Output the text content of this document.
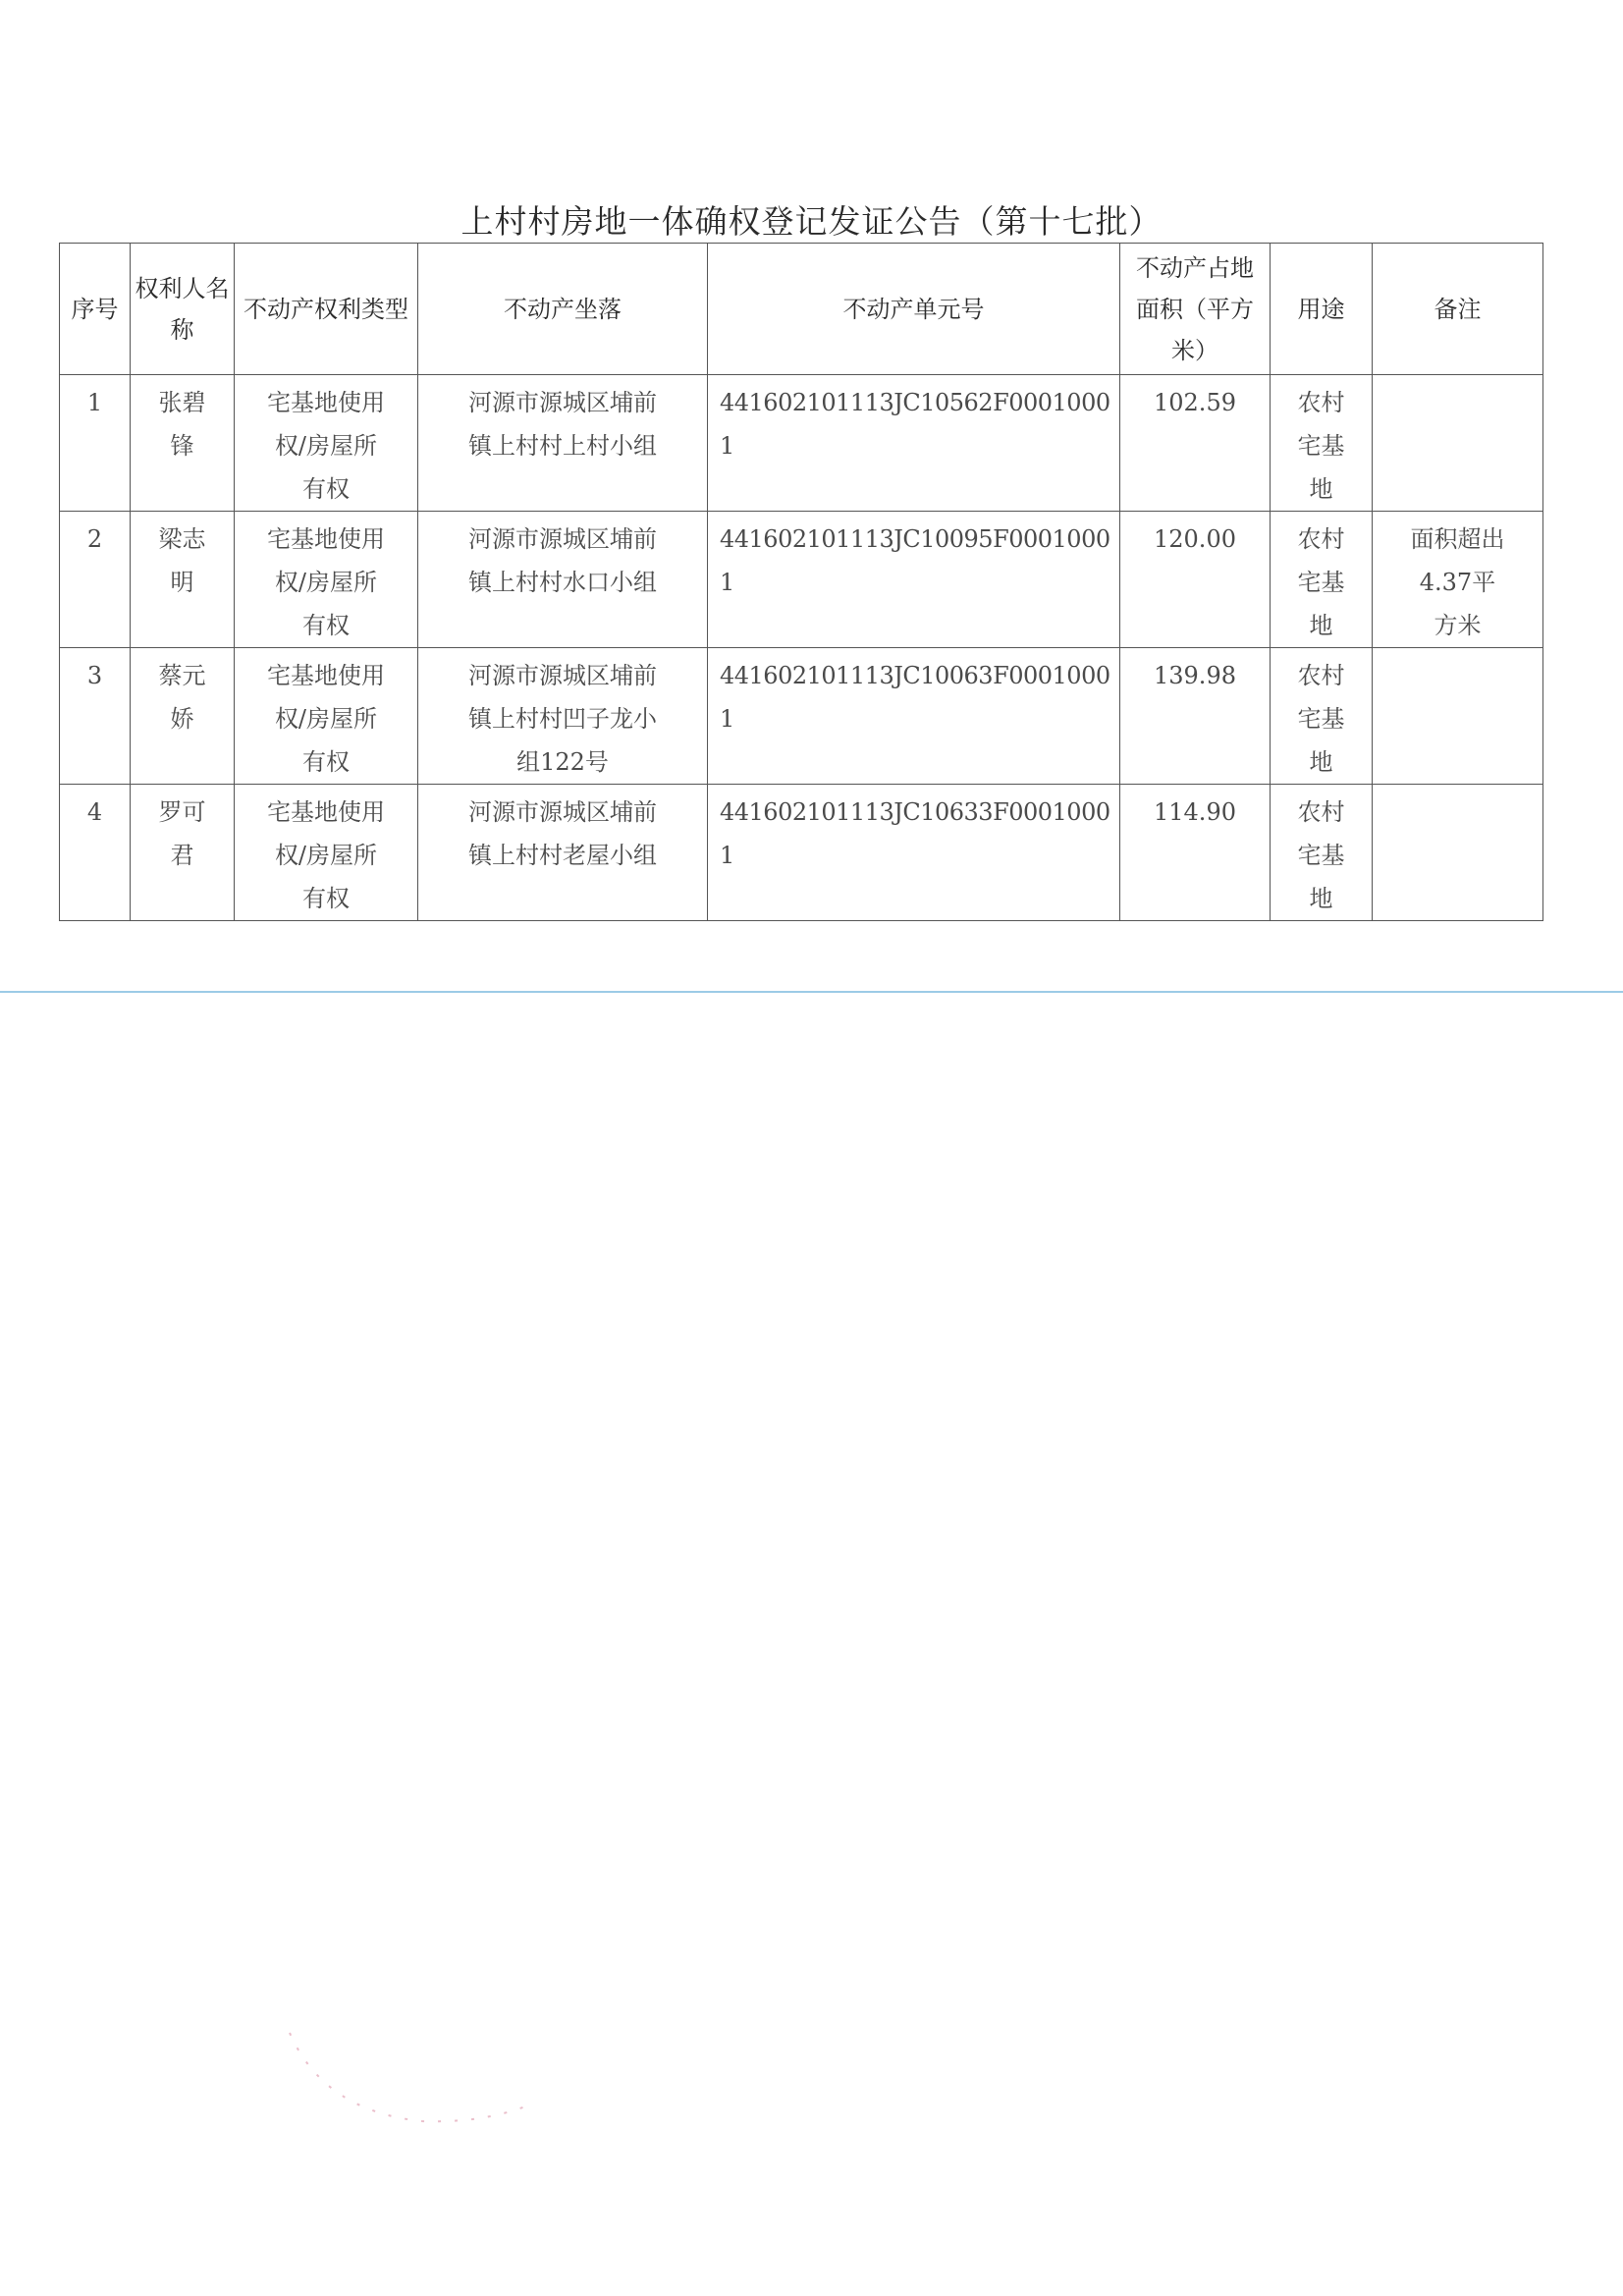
上村村房地一体确权登记发证公告（第十七批）
序号	权利人名称	不动产权利类型	不动产坐落	不动产单元号	不动产占地面积（平方米）	用途	备注

1	张碧锋	宅基地使用权/房屋所有权	河源市源城区埔前镇上村村上村小组	441602101113JC10562F00010001	102.59	农村宅基地	

2	梁志明	宅基地使用权/房屋所有权	河源市源城区埔前镇上村村水口小组	441602101113JC10095F00010001	120.00	农村宅基地	面积超出4.37平方米

3	蔡元娇	宅基地使用权/房屋所有权	河源市源城区埔前镇上村村凹子龙小组122号	441602101113JC10063F00010001	139.98	农村宅基地	

4	罗可君	宅基地使用权/房屋所有权	河源市源城区埔前镇上村村老屋小组	441602101113JC10633F00010001	114.90	农村宅基地	
